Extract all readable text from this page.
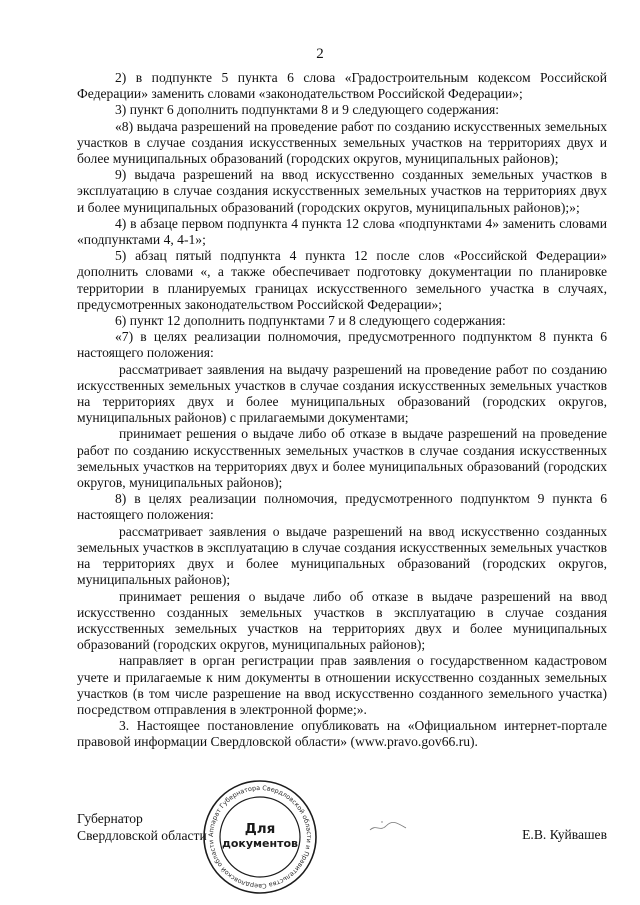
2

2) в подпункте 5 пункта 6 слова «Градостроительным кодексом Российской Федерации» заменить словами «законодательством Российской Федерации»;

3) пункт 6 дополнить подпунктами 8 и 9 следующего содержания:

«8) выдача разрешений на проведение работ по созданию искусственных земельных участков в случае создания искусственных земельных участков на территориях двух и более муниципальных образований (городских округов, муниципальных районов);

9) выдача разрешений на ввод искусственно созданных земельных участков в эксплуатацию в случае создания искусственных земельных участков на территориях двух и более муниципальных образований (городских округов, муниципальных районов);»;

4) в абзаце первом подпункта 4 пункта 12 слова «подпунктами 4» заменить словами «подпунктами 4, 4-1»;

5) абзац пятый подпункта 4 пункта 12 после слов «Российской Федерации» дополнить словами «, а также обеспечивает подготовку документации по планировке территории в планируемых границах искусственного земельного участка в случаях, предусмотренных законодательством Российской Федерации»;

6) пункт 12 дополнить подпунктами 7 и 8 следующего содержания:

«7) в целях реализации полномочия, предусмотренного подпунктом 8 пункта 6 настоящего положения:

рассматривает заявления на выдачу разрешений на проведение работ по созданию искусственных земельных участков в случае создания искусственных земельных участков на территориях двух и более муниципальных образований (городских округов, муниципальных районов) с прилагаемыми документами;

принимает решения о выдаче либо об отказе в выдаче разрешений на проведение работ по созданию искусственных земельных участков в случае создания искусственных земельных участков на территориях двух и более муниципальных образований (городских округов, муниципальных районов);

8) в целях реализации полномочия, предусмотренного подпунктом 9 пункта 6 настоящего положения:

рассматривает заявления о выдаче разрешений на ввод искусственно созданных земельных участков в эксплуатацию в случае создания искусственных земельных участков на территориях двух и более муниципальных образований (городских округов, муниципальных районов);

принимает решения о выдаче либо об отказе в выдаче разрешений на ввод искусственно созданных земельных участков в эксплуатацию в случае создания искусственных земельных участков на территориях двух и более муниципальных образований (городских округов, муниципальных районов);

направляет в орган регистрации прав заявления о государственном кадастровом учете и прилагаемые к ним документы в отношении искусственно созданных земельных участков (в том числе разрешение на ввод искусственно созданного земельного участка) посредством отправления в электронной форме;».

3. Настоящее постановление опубликовать на «Официальном интернет-портале правовой информации Свердловской области» (www.pravo.gov66.ru).

Губернатор
Свердловской области	Е.В. Куйвашев
Аппарат Губернатора Свердловской области и Правительства Свердловской области
Для
документов
